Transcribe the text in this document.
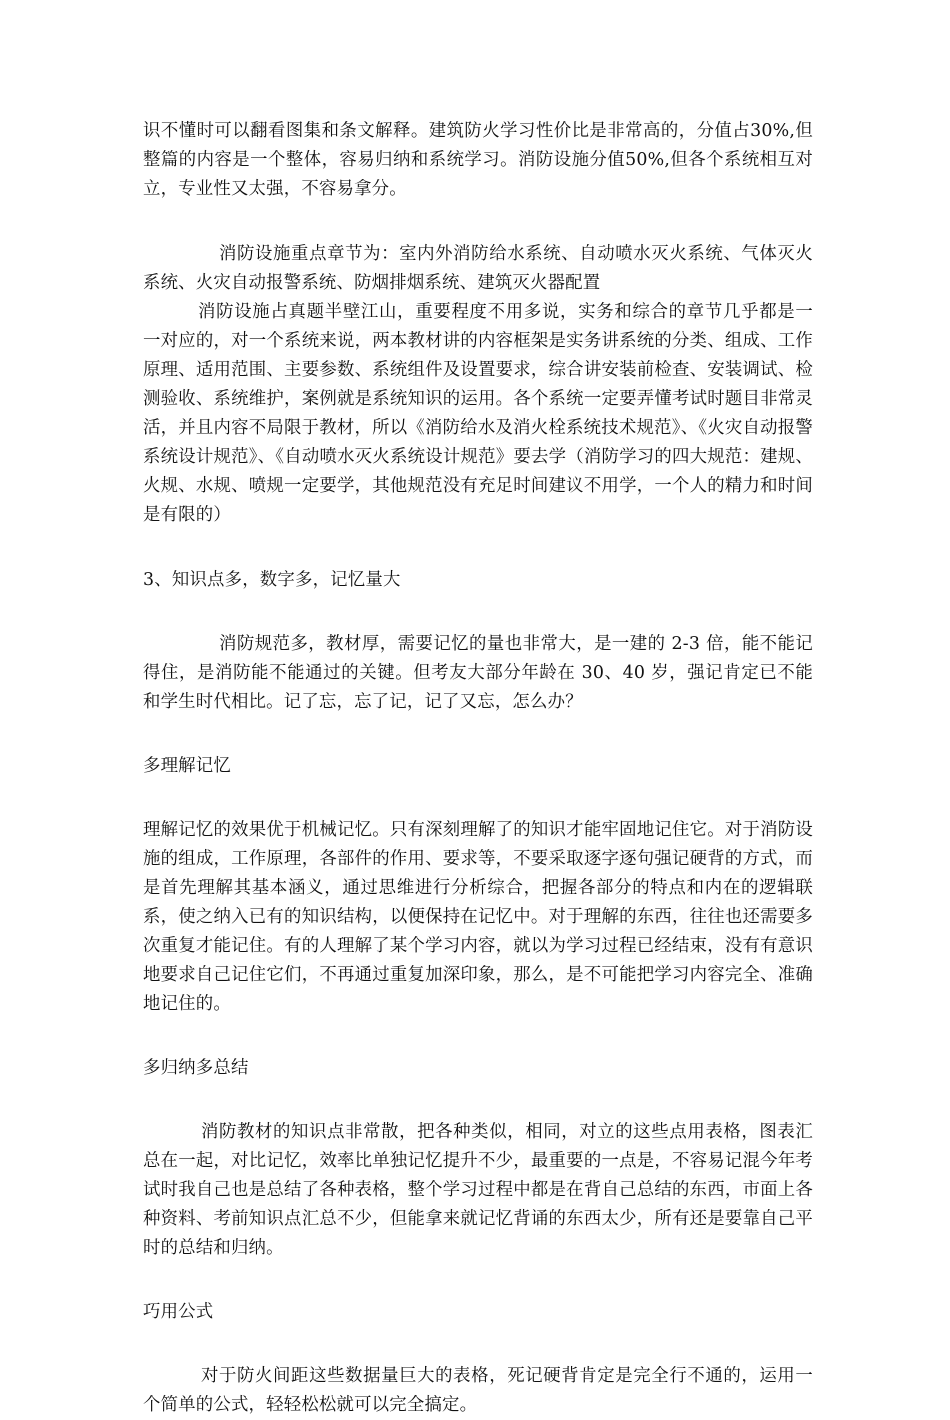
识不懂时可以翻看图集和条文解释。建筑防火学习性价比是非常高的，分值占30%,但整篇的内容是一个整体，容易归纳和系统学习。消防设施分值50%,但各个系统相互对立，专业性又太强，不容易拿分。

消防设施重点章节为：室内外消防给水系统、自动喷水灭火系统、气体灭火系统、火灾自动报警系统、防烟排烟系统、建筑灭火器配置

消防设施占真题半壁江山，重要程度不用多说，实务和综合的章节几乎都是一一对应的，对一个系统来说，两本教材讲的内容框架是实务讲系统的分类、组成、工作原理、适用范围、主要参数、系统组件及设置要求，综合讲安装前检查、安装调试、检测验收、系统维护，案例就是系统知识的运用。各个系统一定要弄懂考试时题目非常灵活，并且内容不局限于教材，所以《消防给水及消火栓系统技术规范》、《火灾自动报警系统设计规范》、《自动喷水灭火系统设计规范》要去学（消防学习的四大规范：建规、火规、水规、喷规一定要学，其他规范没有充足时间建议不用学，一个人的精力和时间是有限的）

3、知识点多，数字多，记忆量大

消防规范多，教材厚，需要记忆的量也非常大，是一建的 2-3 倍，能不能记得住，是消防能不能通过的关键。但考友大部分年龄在 30、40 岁，强记肯定已不能和学生时代相比。记了忘，忘了记，记了又忘，怎么办？

多理解记忆

理解记忆的效果优于机械记忆。只有深刻理解了的知识才能牢固地记住它。对于消防设施的组成，工作原理，各部件的作用、要求等，不要采取逐字逐句强记硬背的方式，而是首先理解其基本涵义，通过思维进行分析综合，把握各部分的特点和内在的逻辑联系，使之纳入已有的知识结构，以便保持在记忆中。对于理解的东西，往往也还需要多次重复才能记住。有的人理解了某个学习内容，就以为学习过程已经结束，没有有意识地要求自己记住它们，不再通过重复加深印象，那么，是不可能把学习内容完全、准确地记住的。

多归纳多总结

消防教材的知识点非常散，把各种类似，相同，对立的这些点用表格，图表汇总在一起，对比记忆，效率比单独记忆提升不少，最重要的一点是，不容易记混今年考试时我自己也是总结了各种表格，整个学习过程中都是在背自己总结的东西，市面上各种资料、考前知识点汇总不少，但能拿来就记忆背诵的东西太少，所有还是要靠自己平时的总结和归纳。

巧用公式

对于防火间距这些数据量巨大的表格，死记硬背肯定是完全行不通的，运用一个简单的公式，轻轻松松就可以完全搞定。
